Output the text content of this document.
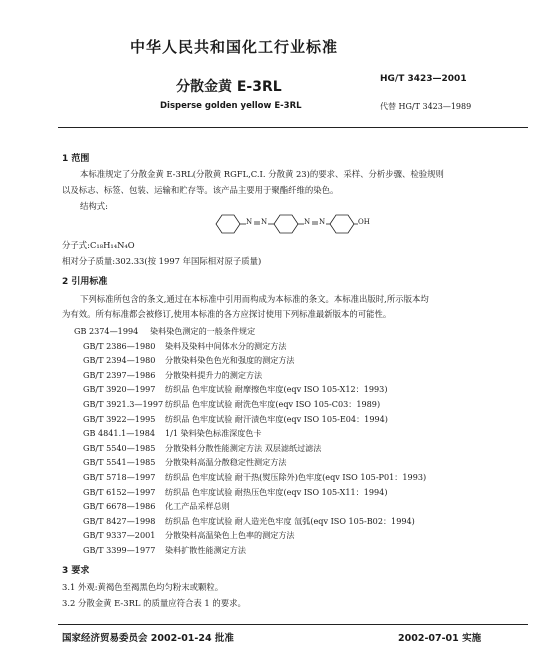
中华人民共和国化工行业标准
分散金黄 E-3RL	HG/T 3423—2001
Disperse golden yellow E-3RL	代替 HG/T 3423—1989
1 范围
本标准规定了分散金黄 E-3RL(分散黄 RGFL,C.I. 分散黄 23)的要求、采样、分析步骤、检验规则
以及标志、标签、包装、运输和贮存等。该产品主要用于聚酯纤维的染色。
结构式:
N N	N N	OH
分子式:C₁₈H₁₄N₄O
相对分子质量:302.33(按 1997 年国际相对原子质量)
2 引用标准
下列标准所包含的条文,通过在本标准中引用而构成为本标准的条文。本标准出版时,所示版本均
为有效。所有标准都会被修订,使用本标准的各方应探讨使用下列标准最新版本的可能性。
GB 2374—1994 染料染色测定的一般条件规定
GB/T 2386—1980 染料及染料中间体水分的测定方法
GB/T 2394—1980 分散染料染色色光和强度的测定方法
GB/T 2397—1986 分散染料提升力的测定方法
GB/T 3920—1997 纺织品 色牢度试验 耐摩擦色牢度(eqv ISO 105-X12：1993)
GB/T 3921.3—1997 纺织品 色牢度试验 耐洗色牢度(eqv ISO 105-C03：1989)
GB/T 3922—1995 纺织品 色牢度试验 耐汗渍色牢度(eqv ISO 105-E04：1994)
GB 4841.1—1984 1/1 染料染色标准深度色卡
GB/T 5540—1985 分散染料分散性能测定方法 双层滤纸过滤法
GB/T 5541—1985 分散染料高温分散稳定性测定方法
GB/T 5718—1997 纺织品 色牢度试验 耐干热(熨压除外)色牢度(eqv ISO 105-P01：1993)
GB/T 6152—1997 纺织品 色牢度试验 耐热压色牢度(eqv ISO 105-X11：1994)
GB/T 6678—1986 化工产品采样总则
GB/T 8427—1998 纺织品 色牢度试验 耐人造光色牢度 氙弧(eqv ISO 105-B02：1994)
GB/T 9337—2001 分散染料高温染色上色率的测定方法
GB/T 3399—1977 染料扩散性能测定方法
3 要求
3.1 外观:黄褐色至褐黑色均匀粉末或颗粒。
3.2 分散金黄 E-3RL 的质量应符合表 1 的要求。
国家经济贸易委员会 2002-01-24 批准	2002-07-01 实施
